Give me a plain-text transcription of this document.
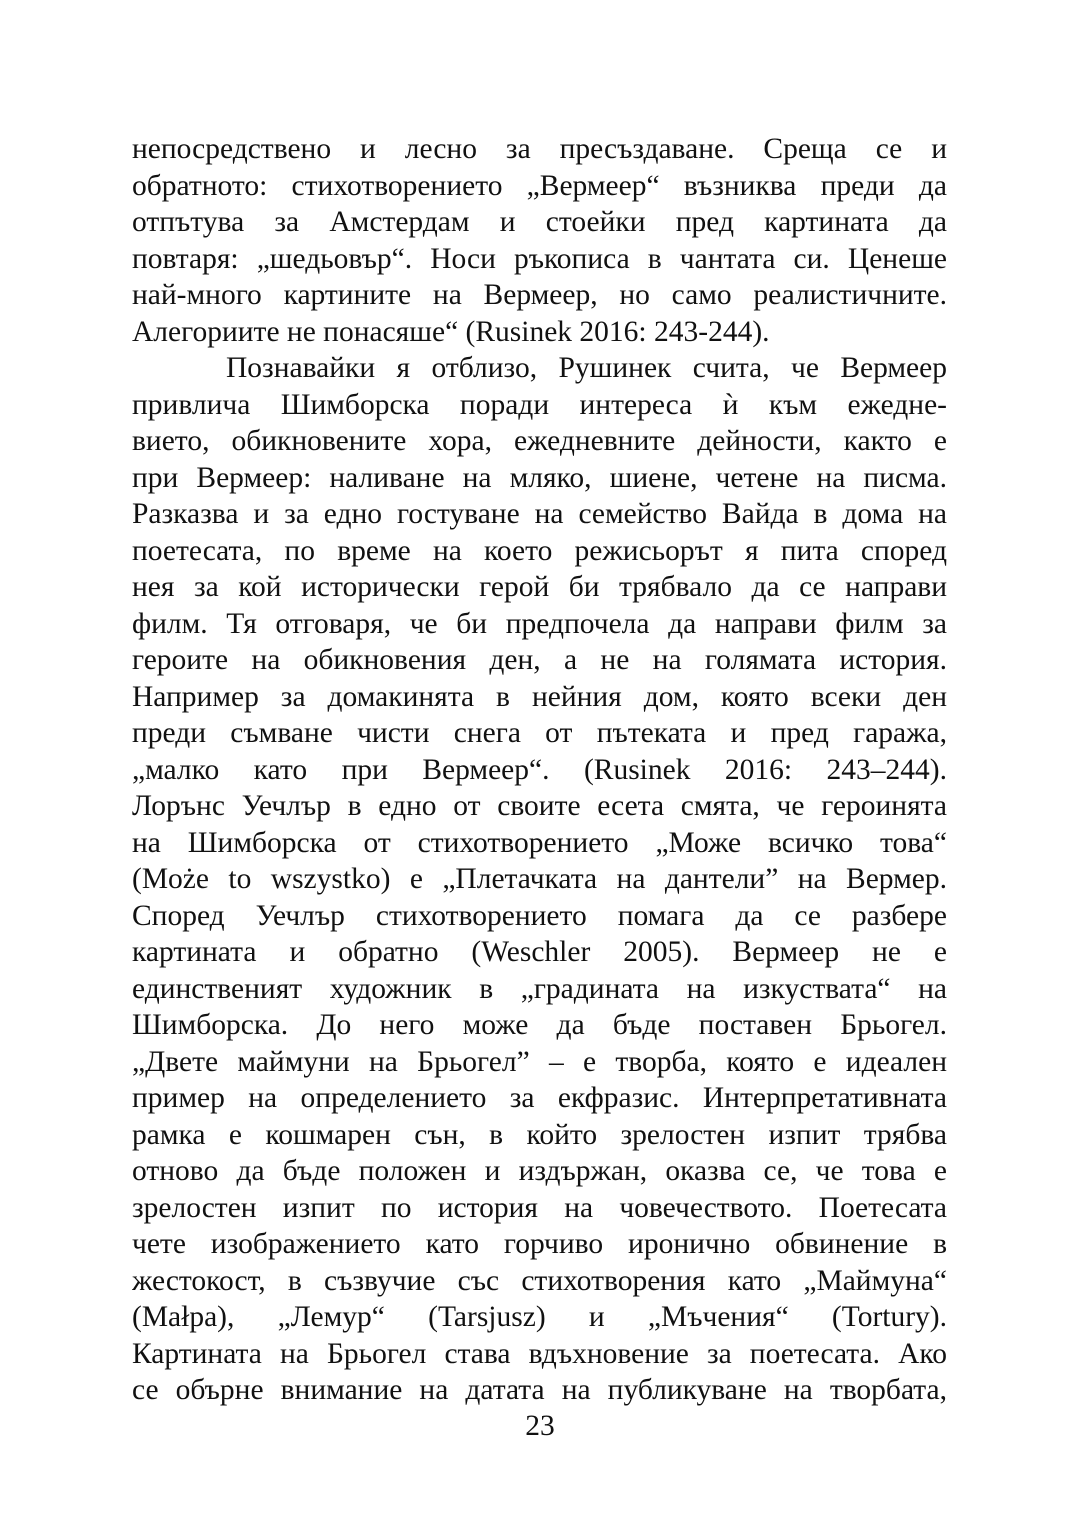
непосредствено и лесно за пресъздаване. Среща се и
обратното: стихотворението „Вермеер“ възниква преди да
отпътува за Амстердам и стоейки пред картината да
повтаря: „шедьовър“. Носи ръкописа в чантата си. Ценеше
най-много картините на Вермеер, но само реалистичните.
Алегориите не понасяше“ (Rusinek 2016: 243-244).
Познавайки я отблизо, Рушинек счита, че Вермеер
привлича Шимборска поради интереса ѝ към ежедне-
вието, обикновените хора, ежедневните дейности, както е
при Вермеер: наливане на мляко, шиене, четене на писма.
Разказва и за едно гостуване на семейство Вайда в дома на
поетесата, по време на което режисьорът я пита според
нея за кой исторически герой би трябвало да се направи
филм. Тя отговаря, че би предпочела да направи филм за
героите на обикновения ден, а не на голямата история.
Например за домакинята в нейния дом, която всеки ден
преди съмване чисти снега от пътеката и пред гаража,
„малко като при Вермеер“. (Rusinek 2016: 243–244).
Лорънс Уечлър в едно от своите есета смята, че героинята
на Шимборска от стихотворението „Може всичко това“
(Może to wszystko) е „Плетачката на дантели” на Вермер.
Според Уечлър стихотворението помага да се разбере
картината и обратно (Weschler 2005). Вермеер не е
единственият художник в „градината на изкуствата“ на
Шимборска. До него може да бъде поставен Брьогел.
„Двете маймуни на Брьогел” – е творба, която е идеален
пример на определението за екфразис. Интерпретативната
рамка е кошмарен сън, в който зрелостен изпит трябва
отново да бъде положен и издържан, оказва се, че това е
зрелостен изпит по история на човечеството. Поетесата
чете изображението като горчиво иронично обвинение в
жестокост, в съзвучие със стихотворения като „Маймуна“
(Małpa), „Лемур“ (Tarsjusz) и „Мъчения“ (Tortury).
Картината на Брьогел става вдъхновение за поетесата. Ако
се обърне внимание на датата на публикуване на творбата,
23
